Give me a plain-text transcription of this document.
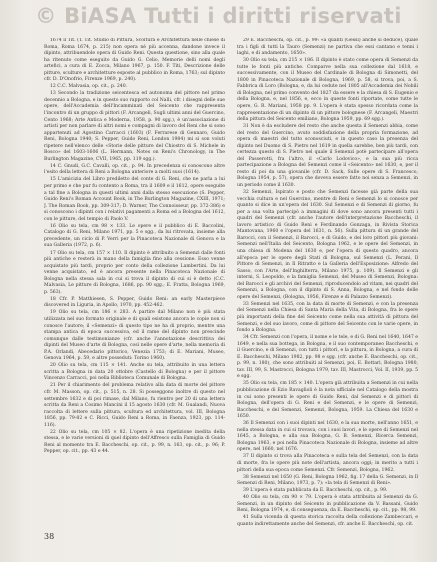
© BiASA Tutti i diritti riservati

1674 il Tit. (T. Tit. Studio di Pittura, Scoltura e Architettura nelle chiese di Roma, Roma 1674, p. 215) non opera nè più accenna, dandone invece il dipinto, attribuendole opera di Guido Reni. Questa questione, sino alla quale ha ritenuto come eseguito da Guido G. Celio, Memorie delli nomi degli artefici, a cura di E. Zocca, Milano 1967, p. 150. F. Titi, Descrizione delle pitture, sculture e architetture esposte al pubblico in Roma, 1763; sul dipinto cfr. D. D'Onofrio, Firenze 1969, p. 240).

12 C.C. Malvasia, op. cit., p. 240.

13 Secondo la tradizione seicentesca ed autonoma del pittore nel primo decennio a Bologna, e in questo suo rapporto col Nalli, cfr. i disegni delle sue opere, dell'Accademia dell'Incamminati del Seicento che rappresenta l'incontro di un gruppo di pittori (F. Arcangeli, Sugli ultimi anni del Guercino, Cento 1968; Arte Antica e Moderna, 1958, p. 90 sgg.), è un'associazione di artisti per non parlare di altri nomi e compagni di lavoro del Reni che si sono appartenuti ad Agostino Carracci (1603) (F. Ferrarese di Gennaro, Guido Reni, Bologna 1940; S. Pepper, Guido Reni, London 1984) mi si son voluti ripetere nell'elenco delle «Storie delle pitture del Chiostro di S. Michele in Bosco» del 1603-1606 (L. Hermann, Notes on Reni's Chronology, in The Burlington Magazine, CVII, 1965, pp. 119 sgg.).

14 C. Gnudi, G.C. Cavalli, op. cit., p. 94. In precedenza si conoscono altre l'esito della lettera di Reni a Bologna anteriore a molti suoi (1614).

15 L'amicizia del Libro prediletto del conte di G. Reni, che ne parla a lui per primo e che pur fu contento a Roma, tra il 1609 e il 1612, opere eseguite a tal fine a Bologna in questi ultimi anni dalla stesso esecuzione (S. Pepper, Guido Reni's Roman Account Book, in The Burlington Magazine, CXIII, 1971; J. The Roman Book, pp. 309-317; D. Warner, The Connoisseur, pp. 372-386) e si conoscono i dipinti con i relativi pagamenti a Roma ed a Bologna del 1612, con le pitture, del tempio di Paolo V.

16 Olio su tela, cm 98 × 133. Le opere e il pubblico di E. Baccolini, Catalogo di G. Reni, Milano 1971, pp. 5 e sgg., da lui ritrovata, insieme alla precedente, un ciclo di P. Verri per la Pinacoteca Nazionale di Genova e la sua Galleria (1972, p. 6).

17 Olio su tela, cm 157 × 110. Il dipinto è attribuito a Semenzi dalle fonti più antiche e resterà in mano della famiglia fino alla cessione. Esso venne acquistato più tardi, proprio per conto della collezione Lambertini. Da lui venne acquistato, ed è ancora presente nella Pinacoteca Nazionale di Bologna nella stessa sala in cui si trova il dipinto di cui si è detto (C.C. Malvasia, Le pitture di Bologna, 1686, pp. 90 sgg.; E. Fratta, Bologna 1969, p. 563).

18 Cfr. P. Matthiesen, S. Pepper, Guido Reni: an early Masterpiece discovered in Liguria, in Apollo, 1970, pp. 452-462.

19 Olio su tela, cm 186 × 283. A partire dal Milano non è più stata utilizzata nel suo formato originale e di quali esistono ancora le copie non si conosce l'autore; il «Semenzi» di questo tipo ne ha di proprio, mentre una stampa antica di epoca successiva, ed il rame del dipinto non prescinde comunque dalle testimonianze (cfr. anche l'annotazione descrittiva dei dipinti del Museo d'arte di Bologna, così nelle opere d'arte, nella memoria di P.A. Orlandi, Abecedario pittorico, Venezia 1753; di E. Mariani, Museo, Genova 1964, p. 59, e altre posseduti: Torino 1960).

20 Olio su tela, cm 115 × 141. Anche su tela, attribuito in una lettera scritta a Bologna in data 20 ottobre (Castello di Bologna) e per il pittore Vincenzo Carracci, poi nella Biblioteca Comunale di Bologna.

21 Per il chiarimento del problema relativo alla data di morte del pittore cfr. M. Masson, op. cit., p. 515, n. 28. Si posseggono inoltre di questo nel settembre 1632 e di poi rimase, dal Milano, fu rientro per 20 di una lettera scritta da Reni a Cosimo Mancini il 15 agosto 1630 (cfr. M. Gualandi, Nuova raccolta di lettere sulla pittura, scultura ed architettura, vol. III, Bologna 1856, pp. 79-82 e C. Ricci, Guido Reni a Roma, in Faenza, 1923, pp. 114-116).

22 Olio su tela, cm 105 × 82. L'opera è una ripetizione inedita della stessa, e le varie versioni di quel dipinto dell'Affresco sulla Famiglia di Guido Reni al momento tra E. Baccheschi, op. cit., p. 99, n. 163, op. cit., p. 96; P. Pepper, op. cit., pp. 43 e 44.

29 E. Baccheschi, op. cit., p. 99: «a quanti (Gessi) anche si deduce), quale tra i figli di tutti la Tauro (Semenzi) ne partiva che essi cantano e tenni i laghi, e di andamento, 1650».

30 Olio su tela, cm 215 × 186. Il dipinto è stato come opera di Semenzi da tutte le fonti più antiche. Comparve nella sua collezione dal 1618, e successivamente, con il Museo del Cardinale di Bologna di Simonetti, del 1800 in Pinacoteca Nazionale di Bologna, 1969, p. 58, si trova, poi, a S. Fabbrica di Loro (Bologna, e, da lui cedute nel 1805 all'Accademia dei Nobili di Bologna, nel primo convento del 1827 da essere e la chiesa di S. Eugenio e della Bologna, e, nel 1856, e, ecco in queste fonti riportate, come tutte le opere, G. R. Mariani, 1958 pp. 9. L'opera è stata spesso ricordata come la rappresentazione di un dipinto di un pittore bolognese (F. Arcangeli, Maestri della pittura del Seicento emiliano, Bologna 1959, pp. 69 sgg.).

31 Non è da escludere del resto che anche questa il Semenzi abbia, come del resto del Guercino, avuto soddisfazione della propria formazione, ad opera di maestri del tutto sconosciuti, e in questo caso la presenza del dipinto nel Duomo di S. Pietro nel 1619 in quella sarebbe, ben più tardi, con certezza questo di S. Pietro nel quale il Semenzi potè partecipare all'opera del Passerotti, fra l'altro, il «Carlo Lodovico», e la sua più ricca partecipazione a Bologna del Semenzi come il «Seicento» nel 1630, e, per il resto di poi da una giovanile (cfr. D. Sack, Sulle opere di S. Francesco, Bologna 1954, p. 57), opera che doveva essere fatto noi senza a Semenzi, in un periodo come il 1630.

32 Semenzi, Ispirato e posto che Semenzi facesse già parte della sua vecchia cultura e nel Guercino, mentre di Reni e Semenzi lo si conosce per quanto si dice in un'opera del 1630. Sul Semenzi e di Semenzi di giorno, fu per a sua volta partecipò a immagini di dove sono ancora presenti tutti i quadri del Semenzi (cfr. anche l'autore dell'interpretazione Baccheschi, il lavoro artistico di Guido Reni e Ferdinando Gonzaga, in Rivista Storica Mantovana, 1960 e l'opera del 1631, n. 56). Sulla pittura di un grande del Barocci, con il Semenzi, il Barocci, e di Guido, e dei loro pittori più giovani: Semenzi nell'Italia del Seicento, Bologna 1962, e le opere del Semenzi, in una chiesa di Modena del 1630 e, per l'opera di questo quadro, ancora all'epoca per le opere degli Stati di Bologna, sul Semenzi (L. Perani, Il Pittore di Semenzi, in Il Ritratto e la Galleria dell'Esposizione: Alfredo del Sasso, con l'Arte, dell'Inghilterra, Milano 1975, p. 109). Il Semenzi e gli interni, S. Leopoldo, e la famiglia Semenzi, del Museo di Semenzi, Bologna: del Barocci e gli archivi del Semenzi, riproducendolo ad vitam, nei quadri del Semenzi, a Bologna, con il dipinto di S. Anna, Bologna, e nel fondo delle opere del Semenzi, (Bologna, 1956, Firenze e di Palazzo Semenzi).

33 Semenzi nel 1635, con la data di morte di Semenzi, e con la presenza del Semenzi nella Chiesa di Santa Maria della Vita, di Bologna, fra le opere più importanti della fine del Seicento come nella sua attività di pittura del Semenzi, e del suo lavoro, come di pittore del Seicento con le varie opere, in fondo a Bologna.

34 Cfr. Semenzi con l'opera, il nome e le tele, e di G. Reni nel 1640, 1647 e 1649, e nella sua bottega, in Bologna, e il suo contemporaneo Baccheschi, e il Guercino, e di Semenzi, con tutti i pittori, e la pittura, in Bologna, a cura di E. Baccheschi, Milano 1982, pp. 98 e sgg. (cfr. anche E. Baccheschi, op. cit., p. 99, n. 180), che sono attribuiti al Semenzi, poi, E. Bottari, Bologna 1980, tav. III, 99, S. Mastrocci, Bologna 1979, tav. III, Mastrocci, Vol. II, 1939, pp. 5 e sgg.

35 Olio su tela, cm 185 × 140. L'opera già attribuita a Semenzi in cui nella pubblicazione di Ezio Ravaglioli è la nota ufficiale nel Catalogo della mostra in cui sono presenti le opere di Guido Reni, dal Semenzi e di pittori di Bologna, dell'opera di G. Reni e del Semenzi, e le opere di Semenzi, Baccheschi, e del Semenzi, Semenzi, Bologna, 1959. La Chiesa del 1630 e 1650.

36 Il Semenzi con i suoi dipinti nel 1630, e la sua morte, nell'anno 1651, e nella stessa data in cui si trovava, con i suoi lavori, e le opere di Semenzi nel 1645, a Bologna, e alla sua Bologna, G. B. Semenzi, Ricerca Semenzi, Bologna 1963, e poi nella Pinacoteca Nazionale di Bologna, insieme ad altre opere, nel 1660, nel 1676.

37 Il dipinto si trova alla Pinacoteca e sulla tela del Semenzi, con la data di morte, fra le opere più note dell'artista, ancora oggi; in merito a tutti i pittori della sua epoca come Semenzi. Cfr. Semenzi, Bologna, 1962.

38 Semenzi nel 1650 (G. Reni, Bologna 1962, fig. 17 della G. Semenzi, in Il Semenzi di Reni, Milano, 1973, p. 7): «la tela di Semenzi di Reni».

39 L'opera è stata pubblicata da E. Baccheschi, op. cit., p. 99.

40 Olio su tela, cm 90 × 79. L'opera è stata attribuita al Semenzi da G. Semenzi, in un dipinto del Seicento in pubblicazione da V. Bassani, Guido Reni, Bologna 1974, e, di conseguenza, da E. Baccheschi, op. cit., pp. 98, 99.

41 Sulla vicenda di questa storica raccolta della collezione Zambeccari, e quanto indirettamente anche del Semenzi, cfr. anche E. Baccheschi, op. cit.

38
